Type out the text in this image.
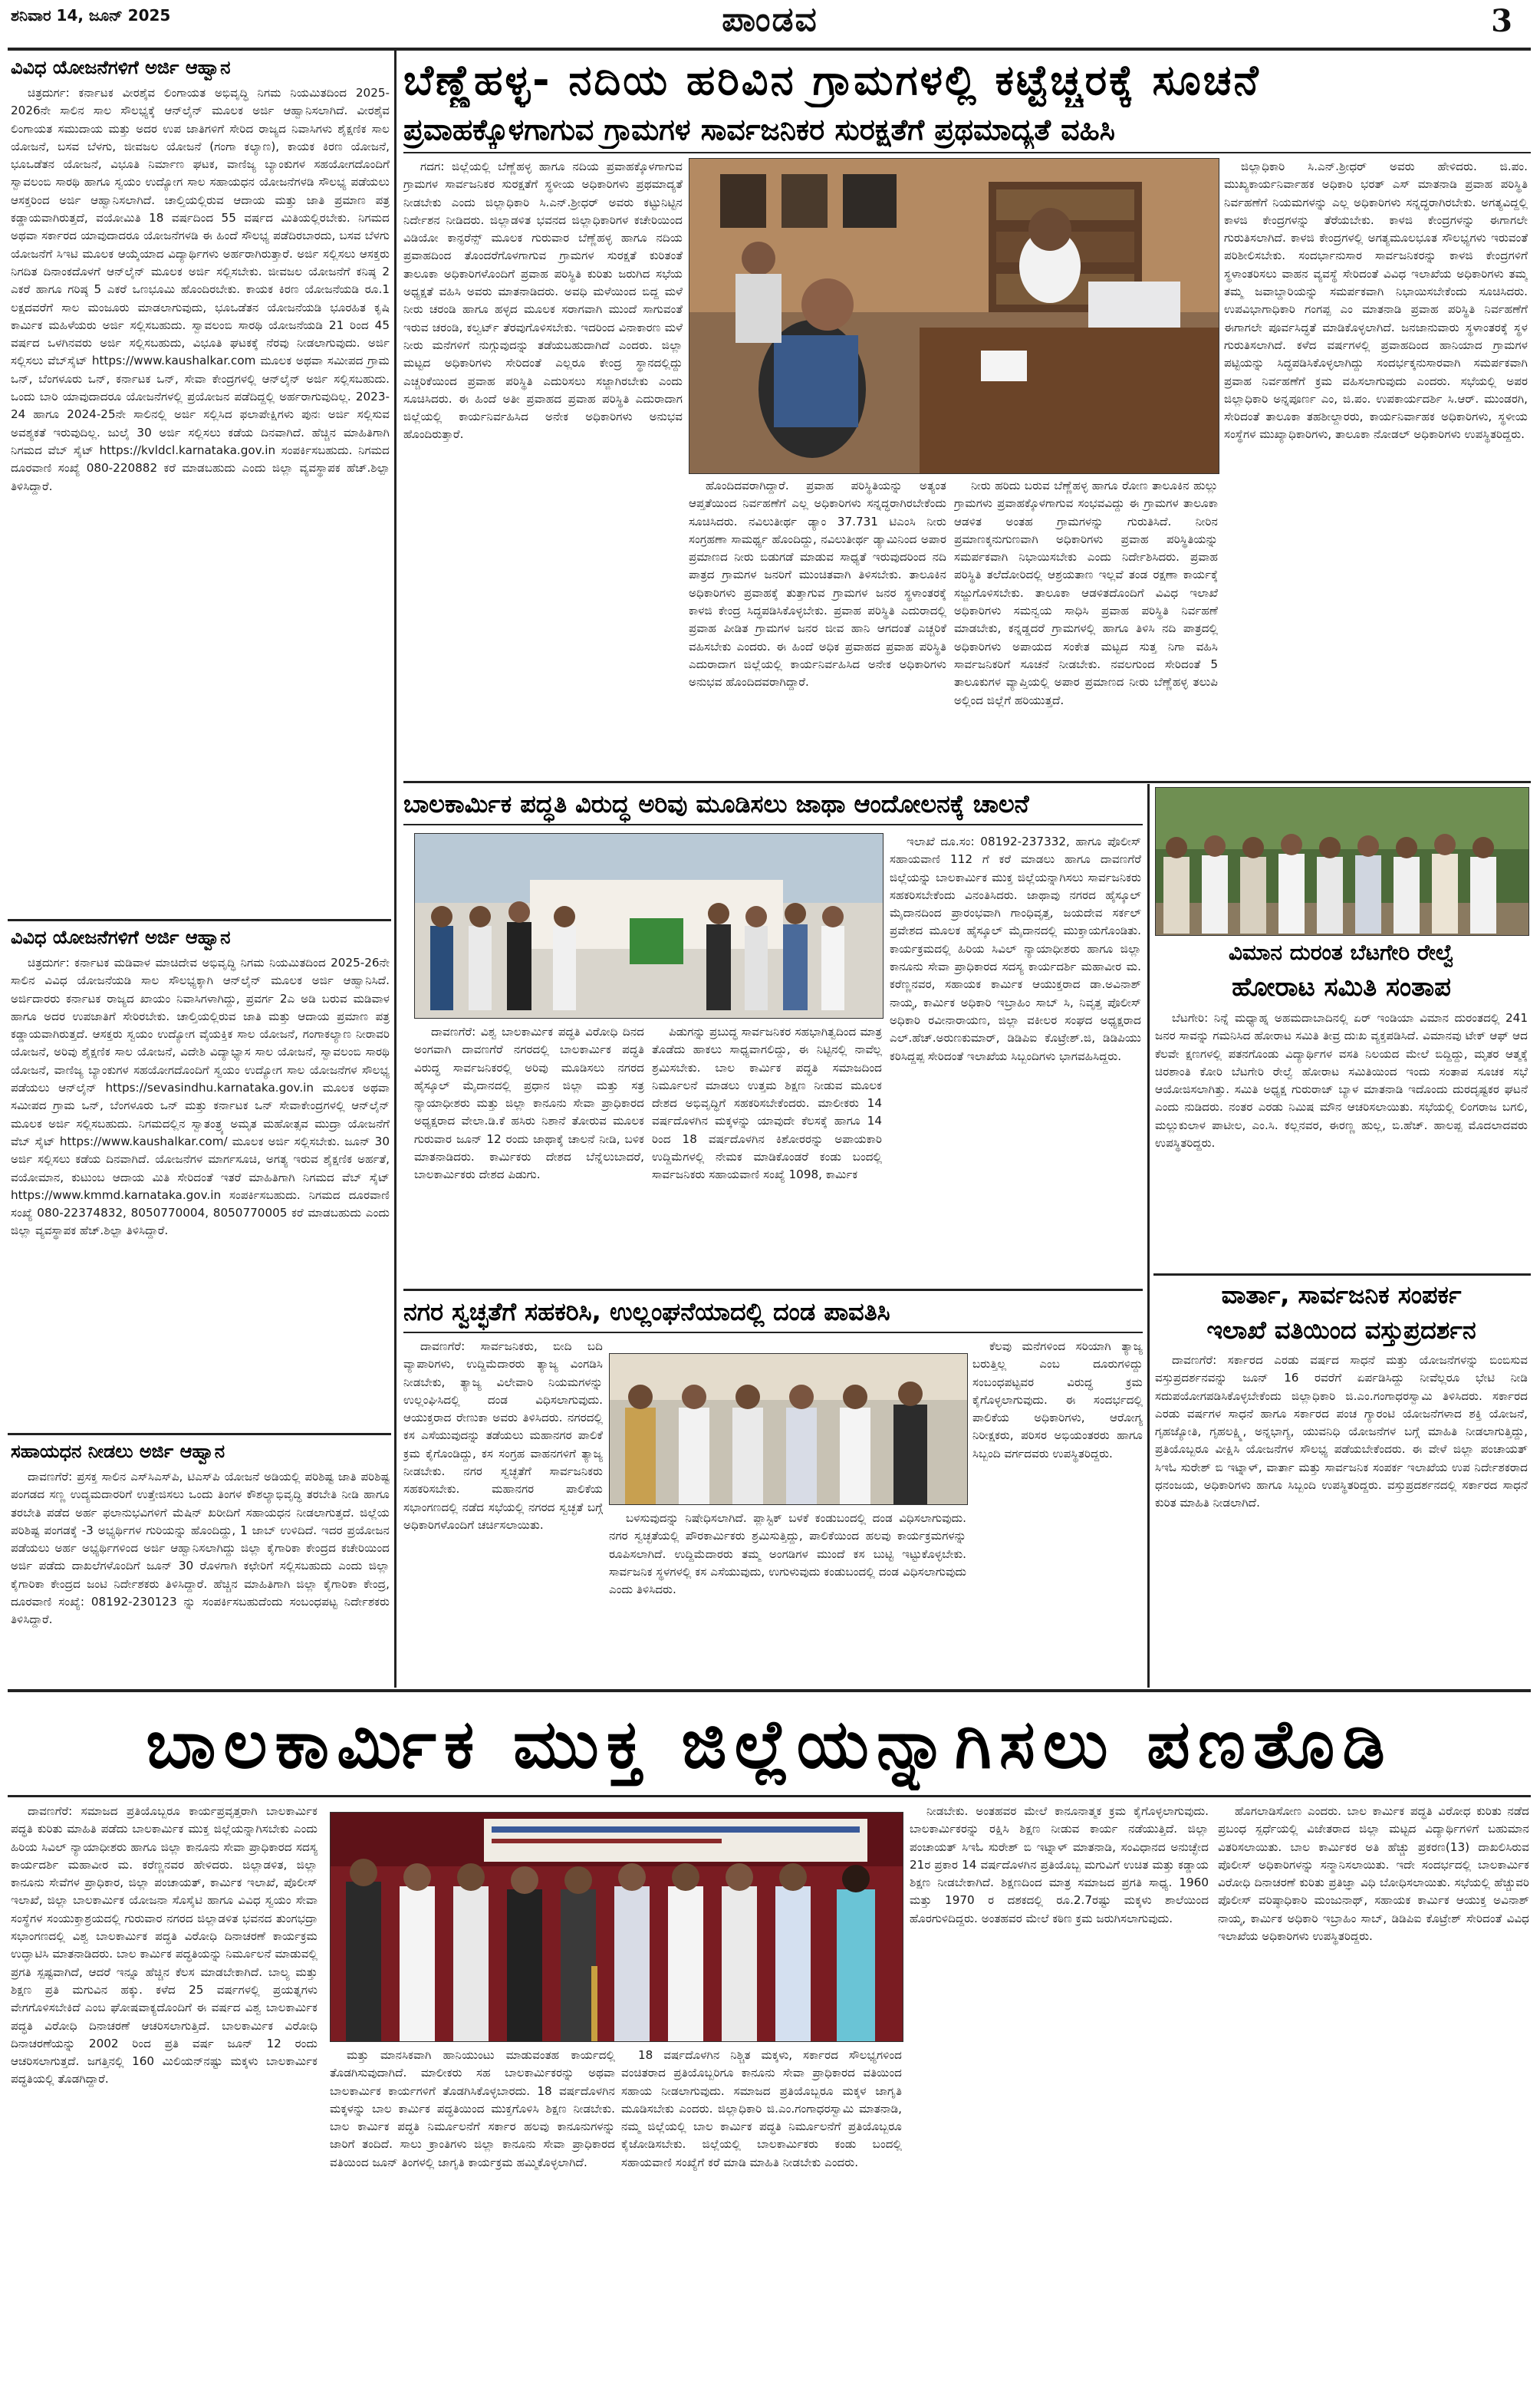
ಶನಿವಾರ 14, ಜೂನ್ 2025	ಪಾಂಡವ	3
ವಿವಿಧ ಯೋಜನೆಗಳಿಗೆ ಅರ್ಜಿ ಆಹ್ವಾನ

ಚಿತ್ರದುರ್ಗ: ಕರ್ನಾಟಕ ವೀರಶೈವ ಲಿಂಗಾಯತ ಅಭಿವೃದ್ಧಿ ನಿಗಮ ನಿಯಮಿತದಿಂದ 2025-2026ನೇ ಸಾಲಿನ ಸಾಲ ಸೌಲಭ್ಯಕ್ಕೆ ಆನ್‌ಲೈನ್ ಮೂಲಕ ಅರ್ಜಿ ಆಹ್ವಾನಿಸಲಾಗಿದೆ. ವೀರಶೈವ ಲಿಂಗಾಯತ ಸಮುದಾಯ ಮತ್ತು ಅದರ ಉಪ ಜಾತಿಗಳಿಗೆ ಸೇರಿದ ರಾಜ್ಯದ ನಿವಾಸಿಗಳು ಶೈಕ್ಷಣಿಕ ಸಾಲ ಯೋಜನೆ, ಬಸವ ಬೆಳಗು, ಜೀವಜಲ ಯೋಜನೆ (ಗಂಗಾ ಕಲ್ಯಾಣ), ಕಾಯಕ ಕಿರಣ ಯೋಜನೆ, ಭೂಒಡೆತನ ಯೋಜನೆ, ವಿಭೂತಿ ನಿರ್ಮಾಣ ಘಟಕ, ವಾಣಿಜ್ಯ ಬ್ಯಾಂಕುಗಳ ಸಹಯೋಗದೊಂದಿಗೆ ಸ್ವಾವಲಂಬಿ ಸಾರಥಿ ಹಾಗೂ ಸ್ವಯಂ ಉದ್ಯೋಗ ಸಾಲ ಸಹಾಯಧನ ಯೋಜನೆಗಳಡಿ ಸೌಲಭ್ಯ ಪಡೆಯಲು ಆಸಕ್ತರಿಂದ ಅರ್ಜಿ ಆಹ್ವಾನಿಸಲಾಗಿದೆ. ಚಾಲ್ತಿಯಲ್ಲಿರುವ ಆದಾಯ ಮತ್ತು ಜಾತಿ ಪ್ರಮಾಣ ಪತ್ರ ಕಡ್ಡಾಯವಾಗಿರುತ್ತದೆ, ವಯೋಮಿತಿ 18 ವರ್ಷದಿಂದ 55 ವರ್ಷದ ಮಿತಿಯಲ್ಲಿರಬೇಕು. ನಿಗಮದ ಅಥವಾ ಸರ್ಕಾರದ ಯಾವುದಾದರೂ ಯೋಜನೆಗಳಡಿ ಈ ಹಿಂದೆ ಸೌಲಭ್ಯ ಪಡೆದಿರಬಾರದು, ಬಸವ ಬೆಳಗು ಯೋಜನೆಗೆ ಸಿಇಟಿ ಮೂಲಕ ಆಯ್ಕೆಯಾದ ವಿದ್ಯಾರ್ಥಿಗಳು ಅರ್ಹರಾಗಿರುತ್ತಾರೆ. ಅರ್ಜಿ ಸಲ್ಲಿಸಲು ಆಸಕ್ತರು ನಿಗದಿತ ದಿನಾಂಕದೊಳಗೆ ಆನ್‌ಲೈನ್ ಮೂಲಕ ಅರ್ಜಿ ಸಲ್ಲಿಸಬೇಕು. ಜೀವಜಲ ಯೋಜನೆಗೆ ಕನಿಷ್ಠ 2 ಎಕರೆ ಹಾಗೂ ಗರಿಷ್ಠ 5 ಎಕರೆ ಒಣಭೂಮಿ ಹೊಂದಿರಬೇಕು. ಕಾಯಕ ಕಿರಣ ಯೋಜನೆಯಡಿ ರೂ.1 ಲಕ್ಷದವರೆಗೆ ಸಾಲ ಮಂಜೂರು ಮಾಡಲಾಗುವುದು, ಭೂಒಡೆತನ ಯೋಜನೆಯಡಿ ಭೂರಹಿತ ಕೃಷಿ ಕಾರ್ಮಿಕ ಮಹಿಳೆಯರು ಅರ್ಜಿ ಸಲ್ಲಿಸಬಹುದು. ಸ್ವಾವಲಂಬಿ ಸಾರಥಿ ಯೋಜನೆಯಡಿ 21 ರಿಂದ 45 ವರ್ಷದ ಒಳಗಿನವರು ಅರ್ಜಿ ಸಲ್ಲಿಸಬಹುದು, ವಿಭೂತಿ ಘಟಕಕ್ಕೆ ನೆರವು ನೀಡಲಾಗುವುದು. ಅರ್ಜಿ ಸಲ್ಲಿಸಲು ವೆಬ್‌ಸೈಟ್ https://www.kaushalkar.com ಮೂಲಕ ಅಥವಾ ಸಮೀಪದ ಗ್ರಾಮ ಒನ್, ಬೆಂಗಳೂರು ಒನ್, ಕರ್ನಾಟಕ ಒನ್, ಸೇವಾ ಕೇಂದ್ರಗಳಲ್ಲಿ ಆನ್‌ಲೈನ್ ಅರ್ಜಿ ಸಲ್ಲಿಸಬಹುದು. ಒಂದು ಬಾರಿ ಯಾವುದಾದರೂ ಯೋಜನೆಗಳಲ್ಲಿ ಪ್ರಯೋಜನ ಪಡೆದಿದ್ದಲ್ಲಿ ಅರ್ಹರಾಗುವುದಿಲ್ಲ. 2023-24 ಹಾಗೂ 2024-25ನೇ ಸಾಲಿನಲ್ಲಿ ಅರ್ಜಿ ಸಲ್ಲಿಸಿದ ಫಲಾಪೇಕ್ಷಿಗಳು ಪುನಃ ಅರ್ಜಿ ಸಲ್ಲಿಸುವ ಅವಶ್ಯಕತೆ ಇರುವುದಿಲ್ಲ. ಜುಲೈ 30 ಅರ್ಜಿ ಸಲ್ಲಿಸಲು ಕಡೆಯ ದಿನವಾಗಿದೆ. ಹೆಚ್ಚಿನ ಮಾಹಿತಿಗಾಗಿ ನಿಗಮದ ವೆಬ್ ಸೈಟ್ https://kvldcl.karnataka.gov.in ಸಂಪರ್ಕಿಸಬಹುದು. ನಿಗಮದ ದೂರವಾಣಿ ಸಂಖ್ಯೆ 080-220882 ಕರೆ ಮಾಡಬಹುದು ಎಂದು ಜಿಲ್ಲಾ ವ್ಯವಸ್ಥಾಪಕ ಹೆಚ್.ಶಿಲ್ಪಾ ತಿಳಿಸಿದ್ದಾರೆ.

ವಿವಿಧ ಯೋಜನೆಗಳಿಗೆ ಅರ್ಜಿ ಆಹ್ವಾನ

ಚಿತ್ರದುರ್ಗ: ಕರ್ನಾಟಕ ಮಡಿವಾಳ ಮಾಚಿದೇವ ಅಭಿವೃದ್ಧಿ ನಿಗಮ ನಿಯಮಿತದಿಂದ 2025-26ನೇ ಸಾಲಿನ ವಿವಿಧ ಯೋಜನೆಯಡಿ ಸಾಲ ಸೌಲಭ್ಯಕ್ಕಾಗಿ ಆನ್‌ಲೈನ್ ಮೂಲಕ ಅರ್ಜಿ ಆಹ್ವಾನಿಸಿದೆ. ಅರ್ಜಿದಾರರು ಕರ್ನಾಟಕ ರಾಜ್ಯದ ಖಾಯಂ ನಿವಾಸಿಗಳಾಗಿದ್ದು, ಪ್ರವರ್ಗ 2ಎ ಅಡಿ ಬರುವ ಮಡಿವಾಳ ಹಾಗೂ ಅದರ ಉಪಜಾತಿಗೆ ಸೇರಿರಬೇಕು. ಚಾಲ್ತಿಯಲ್ಲಿರುವ ಜಾತಿ ಮತ್ತು ಆದಾಯ ಪ್ರಮಾಣ ಪತ್ರ ಕಡ್ಡಾಯವಾಗಿರುತ್ತದೆ. ಆಸಕ್ತರು ಸ್ವಯಂ ಉದ್ಯೋಗ ವೈಯಕ್ತಿಕ ಸಾಲ ಯೋಜನೆ, ಗಂಗಾಕಲ್ಯಾಣ ನೀರಾವರಿ ಯೋಜನೆ, ಅರಿವು ಶೈಕ್ಷಣಿಕ ಸಾಲ ಯೋಜನೆ, ವಿದೇಶಿ ವಿದ್ಯಾಭ್ಯಾಸ ಸಾಲ ಯೋಜನೆ, ಸ್ವಾವಲಂಬಿ ಸಾರಥಿ ಯೋಜನೆ, ವಾಣಿಜ್ಯ ಬ್ಯಾಂಕುಗಳ ಸಹಯೋಗದೊಂದಿಗೆ ಸ್ವಯಂ ಉದ್ಯೋಗ ಸಾಲ ಯೋಜನೆಗಳ ಸೌಲಭ್ಯ ಪಡೆಯಲು ಆನ್‌ಲೈನ್ https://sevasindhu.karnataka.gov.in ಮೂಲಕ ಅಥವಾ ಸಮೀಪದ ಗ್ರಾಮ ಒನ್, ಬೆಂಗಳೂರು ಒನ್ ಮತ್ತು ಕರ್ನಾಟಕ ಒನ್ ಸೇವಾಕೇಂದ್ರಗಳಲ್ಲಿ ಆನ್‌ಲೈನ್ ಮೂಲಕ ಅರ್ಜಿ ಸಲ್ಲಿಸಬಹುದು. ನಿಗಮದಲ್ಲಿನ ಸ್ವಾತಂತ್ರ್ಯ ಅಮೃತ ಮಹೋತ್ಸವ ಮುದ್ರಾ ಯೋಜನೆಗೆ ವೆಬ್ ಸೈಟ್ https://www.kaushalkar.com/ ಮೂಲಕ ಅರ್ಜಿ ಸಲ್ಲಿಸಬೇಕು. ಜೂನ್ 30 ಅರ್ಜಿ ಸಲ್ಲಿಸಲು ಕಡೆಯ ದಿನವಾಗಿದೆ. ಯೋಜನೆಗಳ ಮಾರ್ಗಸೂಚಿ, ಅಗತ್ಯ ಇರುವ ಶೈಕ್ಷಣಿಕ ಅರ್ಹತೆ, ವಯೋಮಾನ, ಕುಟುಂಬ ಆದಾಯ ಮಿತಿ ಸೇರಿದಂತೆ ಇತರೆ ಮಾಹಿತಿಗಾಗಿ ನಿಗಮದ ವೆಬ್ ಸೈಟ್ https://www.kmmd.karnataka.gov.in ಸಂಪರ್ಕಿಸಬಹುದು. ನಿಗಮದ ದೂರವಾಣಿ ಸಂಖ್ಯೆ 080-22374832, 8050770004, 8050770005 ಕರೆ ಮಾಡಬಹುದು ಎಂದು ಜಿಲ್ಲಾ ವ್ಯವಸ್ಥಾಪಕ ಹೆಚ್.ಶಿಲ್ಪಾ ತಿಳಿಸಿದ್ದಾರೆ.

ಸಹಾಯಧನ ನೀಡಲು ಅರ್ಜಿ ಆಹ್ವಾನ

ದಾವಣಗೆರೆ: ಪ್ರಸಕ್ತ ಸಾಲಿನ ಎಸ್‌ಸಿಎಸ್‌ಪಿ, ಟಿಎಸ್‌ಪಿ ಯೋಜನೆ ಅಡಿಯಲ್ಲಿ ಪರಿಶಿಷ್ಟ ಜಾತಿ ಪರಿಶಿಷ್ಟ ಪಂಗಡದ ಸಣ್ಣ ಉದ್ಯಮದಾರರಿಗೆ ಉತ್ತೇಜಿಸಲು ಒಂದು ತಿಂಗಳ ಕೌಶಲ್ಯಾಭಿವೃದ್ಧಿ ತರಬೇತಿ ನೀಡಿ ಹಾಗೂ ತರಬೇತಿ ಪಡೆದ ಅರ್ಹ ಫಲಾನುಭವಿಗಳಿಗೆ ಮೆಷಿನ್ ಖರೀದಿಗೆ ಸಹಾಯಧನ ನೀಡಲಾಗುತ್ತದೆ. ಜಿಲ್ಲೆಯ ಪರಿಶಿಷ್ಟ ಪಂಗಡಕ್ಕೆ -3 ಅಭ್ಯರ್ಥಿಗಳ ಗುರಿಯನ್ನು ಹೊಂದಿದ್ದು, 1 ಜಾಬ್ ಉಳಿದಿದೆ. ಇದರ ಪ್ರಯೋಜನ ಪಡೆಯಲು ಅರ್ಹ ಅಭ್ಯರ್ಥಿಗಳಿಂದ ಅರ್ಜಿ ಆಹ್ವಾನಿಸಲಾಗಿದ್ದು ಜಿಲ್ಲಾ ಕೈಗಾರಿಕಾ ಕೇಂದ್ರದ ಕಚೇರಿಯಿಂದ ಅರ್ಜಿ ಪಡೆದು ದಾಖಲೆಗಳೊಂದಿಗೆ ಜೂನ್ 30 ರೊಳಗಾಗಿ ಕಛೇರಿಗೆ ಸಲ್ಲಿಸಬಹುದು ಎಂದು ಜಿಲ್ಲಾ ಕೈಗಾರಿಕಾ ಕೇಂದ್ರದ ಜಂಟಿ ನಿರ್ದೇಶಕರು ತಿಳಿಸಿದ್ದಾರೆ. ಹೆಚ್ಚಿನ ಮಾಹಿತಿಗಾಗಿ ಜಿಲ್ಲಾ ಕೈಗಾರಿಕಾ ಕೇಂದ್ರ, ದೂರವಾಣಿ ಸಂಖ್ಯೆ: 08192-230123 ನ್ನು ಸಂಪರ್ಕಿಸಬಹುದೆಂದು ಸಂಬಂಧಪಟ್ಟ ನಿರ್ದೇಶಕರು ತಿಳಿಸಿದ್ದಾರೆ.

ಬೆಣ್ಣೆಹಳ್ಳ- ನದಿಯ ಹರಿವಿನ ಗ್ರಾಮಗಳಲ್ಲಿ ಕಟ್ಟೆಚ್ಚರಕ್ಕೆ ಸೂಚನೆ
ಪ್ರವಾಹಕ್ಕೊಳಗಾಗುವ ಗ್ರಾಮಗಳ ಸಾರ್ವಜನಿಕರ ಸುರಕ್ಷತೆಗೆ ಪ್ರಥಮಾದ್ಯತೆ ವಹಿಸಿ

ಗದಗ: ಜಿಲ್ಲೆಯಲ್ಲಿ ಬೆಣ್ಣೆಹಳ್ಳ ಹಾಗೂ ನದಿಯ ಪ್ರವಾಹಕ್ಕೊಳಗಾಗುವ ಗ್ರಾಮಗಳ ಸಾರ್ವಜನಿಕರ ಸುರಕ್ಷತೆಗೆ ಸ್ಥಳೀಯ ಅಧಿಕಾರಿಗಳು ಪ್ರಥಮಾದ್ಯತೆ ನೀಡಬೇಕು ಎಂದು ಜಿಲ್ಲಾಧಿಕಾರಿ ಸಿ.ಎನ್.ಶ್ರೀಧರ್ ಅವರು ಕಟ್ಟುನಿಟ್ಟಿನ ನಿರ್ದೇಶನ ನೀಡಿದರು. ಜಿಲ್ಲಾಡಳಿತ ಭವನದ ಜಿಲ್ಲಾಧಿಕಾರಿಗಳ ಕಚೇರಿಯಿಂದ ವಿಡಿಯೋ ಕಾನ್ಫರೆನ್ಸ್ ಮೂಲಕ ಗುರುವಾರ ಬೆಣ್ಣೆಹಳ್ಳ ಹಾಗೂ ನದಿಯ ಪ್ರವಾಹದಿಂದ ತೊಂದರೆಗೊಳಗಾಗುವ ಗ್ರಾಮಗಳ ಸುರಕ್ಷತೆ ಕುರಿತಂತೆ ತಾಲೂಕಾ ಅಧಿಕಾರಿಗಳೊಂದಿಗೆ ಪ್ರವಾಹ ಪರಿಸ್ಥಿತಿ ಕುರಿತು ಜರುಗಿದ ಸಭೆಯ ಅಧ್ಯಕ್ಷತೆ ವಹಿಸಿ ಅವರು ಮಾತನಾಡಿದರು. ಅವಧಿ ಮಳೆಯಿಂದ ಬಿದ್ದ ಮಳೆ ನೀರು ಚರಂಡಿ ಹಾಗೂ ಹಳ್ಳದ ಮೂಲಕ ಸರಾಗವಾಗಿ ಮುಂದೆ ಸಾಗುವಂತೆ ಇರುವ ಚರಂಡಿ, ಕಲ್ವರ್ಟ್ ತೆರವುಗೊಳಿಸಬೇಕು. ಇದರಿಂದ ವಿನಾಕಾರಣ ಮಳೆ ನೀರು ಮನೆಗಳಿಗೆ ನುಗ್ಗುವುದನ್ನು ತಡೆಯಬಹುದಾಗಿದೆ ಎಂದರು. ಜಿಲ್ಲಾ ಮಟ್ಟದ ಅಧಿಕಾರಿಗಳು ಸೇರಿದಂತೆ ಎಲ್ಲರೂ ಕೇಂದ್ರ ಸ್ಥಾನದಲ್ಲಿದ್ದು ಎಚ್ಚರಿಕೆಯಿಂದ ಪ್ರವಾಹ ಪರಿಸ್ಥಿತಿ ಎದುರಿಸಲು ಸಜ್ಜಾಗಿರಬೇಕು ಎಂದು ಸೂಚಿಸಿದರು. ಈ ಹಿಂದೆ ಅತೀ ಪ್ರವಾಹದ ಪ್ರವಾಹ ಪರಿಸ್ಥಿತಿ ಎದುರಾದಾಗ ಜಿಲ್ಲೆಯಲ್ಲಿ ಕಾರ್ಯನಿರ್ವಹಿಸಿದ ಅನೇಕ ಅಧಿಕಾರಿಗಳು ಅನುಭವ ಹೊಂದಿರುತ್ತಾರೆ.

ಹೊಂದಿದವರಾಗಿದ್ದಾರೆ. ಪ್ರವಾಹ ಪರಿಸ್ಥಿತಿಯನ್ನು ಅತ್ಯಂತ ಆಪ್ತತೆಯಿಂದ ನಿರ್ವಹಣೆಗೆ ಎಲ್ಲ ಅಧಿಕಾರಿಗಳು ಸನ್ನದ್ಧರಾಗಿರಬೇಕೆಂದು ಸೂಚಿಸಿದರು. ನವಿಲುತೀರ್ಥ ಡ್ಯಾಂ 37.731 ಟಿಎಂಸಿ ನೀರು ಸಂಗ್ರಹಣಾ ಸಾಮರ್ಥ್ಯ ಹೊಂದಿದ್ದು, ನವಿಲುತೀರ್ಥ ಡ್ಯಾಮಿನಿಂದ ಅಪಾರ ಪ್ರಮಾಣದ ನೀರು ಬಿಡುಗಡೆ ಮಾಡುವ ಸಾಧ್ಯತೆ ಇರುವುದರಿಂದ ನದಿ ಪಾತ್ರದ ಗ್ರಾಮಗಳ ಜನರಿಗೆ ಮುಂಚಿತವಾಗಿ ತಿಳಿಸಬೇಕು. ತಾಲೂಕಿನ ಅಧಿಕಾರಿಗಳು ಪ್ರವಾಹಕ್ಕೆ ತುತ್ತಾಗುವ ಗ್ರಾಮಗಳ ಜನರ ಸ್ಥಳಾಂತರಕ್ಕೆ ಕಾಳಜಿ ಕೇಂದ್ರ ಸಿದ್ಧಪಡಿಸಿಕೊಳ್ಳಬೇಕು. ಪ್ರವಾಹ ಪರಿಸ್ಥಿತಿ ಎದುರಾದಲ್ಲಿ ಪ್ರವಾಹ ಪೀಡಿತ ಗ್ರಾಮಗಳ ಜನರ ಜೀವ ಹಾನಿ ಆಗದಂತೆ ಎಚ್ಚರಿಕೆ ವಹಿಸಬೇಕು ಎಂದರು. ಈ ಹಿಂದೆ ಅಧಿಕ ಪ್ರವಾಹದ ಪ್ರವಾಹ ಪರಿಸ್ಥಿತಿ ಎದುರಾದಾಗ ಜಿಲ್ಲೆಯಲ್ಲಿ ಕಾರ್ಯನಿರ್ವಹಿಸಿದ ಅನೇಕ ಅಧಿಕಾರಿಗಳು ಅನುಭವ ಹೊಂದಿದವರಾಗಿದ್ದಾರೆ.

ನೀರು ಹರಿದು ಬರುವ ಬೆಣ್ಣೆಹಳ್ಳ ಹಾಗೂ ರೋಣ ತಾಲೂಕಿನ ಹುಲ್ಲು ಗ್ರಾಮಗಳು ಪ್ರವಾಹಕ್ಕೊಳಗಾಗುವ ಸಂಭವವಿದ್ದು ಈ ಗ್ರಾಮಗಳ ತಾಲೂಕಾ ಆಡಳಿತ ಅಂತಹ ಗ್ರಾಮಗಳನ್ನು ಗುರುತಿಸಿದೆ. ನೀರಿನ ಪ್ರಮಾಣಕ್ಕನುಗುಣವಾಗಿ ಅಧಿಕಾರಿಗಳು ಪ್ರವಾಹ ಪರಿಸ್ಥಿತಿಯನ್ನು ಸಮರ್ಪಕವಾಗಿ ನಿಭಾಯಿಸಬೇಕು ಎಂದು ನಿರ್ದೇಶಿಸಿದರು. ಪ್ರವಾಹ ಪರಿಸ್ಥಿತಿ ತಲೆದೋರಿದಲ್ಲಿ ಆಶ್ರಯತಾಣ ಇಲ್ಲವೆ ತಂಡ ರಕ್ಷಣಾ ಕಾರ್ಯಕ್ಕೆ ಸಜ್ಜುಗೊಳಿಸಬೇಕು. ತಾಲೂಕಾ ಆಡಳಿತದೊಂದಿಗೆ ವಿವಿಧ ಇಲಾಖೆ ಅಧಿಕಾರಿಗಳು ಸಮನ್ವಯ ಸಾಧಿಸಿ ಪ್ರವಾಹ ಪರಿಸ್ಥಿತಿ ನಿರ್ವಹಣೆ ಮಾಡಬೇಕು, ಕನ್ನಡ್ಡದರೆ ಗ್ರಾಮಗಳಲ್ಲಿ ಹಾಗೂ ತಿಳಿಸಿ ನದಿ ಪಾತ್ರದಲ್ಲಿ ಅಧಿಕಾರಿಗಳು ಅಪಾಯದ ಸಂಕೇತ ಮಟ್ಟದ ಸುತ್ತ ನಿಗಾ ವಹಿಸಿ ಸಾರ್ವಜನಿಕರಿಗೆ ಸೂಚನೆ ನೀಡಬೇಕು. ನವಲಗುಂದ ಸೇರಿದಂತೆ 5 ತಾಲೂಕುಗಳ ವ್ಯಾಪ್ತಿಯಲ್ಲಿ ಅಪಾರ ಪ್ರಮಾಣದ ನೀರು ಬೆಣ್ಣೆಹಳ್ಳ ತಲುಪಿ ಅಲ್ಲಿಂದ ಜಿಲ್ಲೆಗೆ ಹರಿಯುತ್ತದೆ.

ಜಿಲ್ಲಾಧಿಕಾರಿ ಸಿ.ಎನ್.ಶ್ರೀಧರ್ ಅವರು ಹೇಳಿದರು. ಜಿ.ಪಂ. ಮುಖ್ಯಕಾರ್ಯನಿರ್ವಾಹಕ ಅಧಿಕಾರಿ ಭರತ್ ಎಸ್ ಮಾತನಾಡಿ ಪ್ರವಾಹ ಪರಿಸ್ಥಿತಿ ನಿರ್ವಹಣೆಗೆ ನಿಯಮಗಳನ್ನು ಎಲ್ಲ ಅಧಿಕಾರಿಗಳು ಸನ್ನದ್ಧರಾಗಿರಬೇಕು. ಅಗತ್ಯವಿದ್ದಲ್ಲಿ ಕಾಳಜಿ ಕೇಂದ್ರಗಳನ್ನು ತೆರೆಯಬೇಕು. ಕಾಳಜಿ ಕೇಂದ್ರಗಳನ್ನು ಈಗಾಗಲೇ ಗುರುತಿಸಲಾಗಿದೆ. ಕಾಳಜಿ ಕೇಂದ್ರಗಳಲ್ಲಿ ಅಗತ್ಯಮೂಲಭೂತ ಸೌಲಭ್ಯಗಳು ಇರುವಂತೆ ಪರಿಶೀಲಿಸಬೇಕು. ಸಂದರ್ಭಾನುಸಾರ ಸಾರ್ವಜನಿಕರನ್ನು ಕಾಳಜಿ ಕೇಂದ್ರಗಳಿಗೆ ಸ್ಥಳಾಂತರಿಸಲು ವಾಹನ ವ್ಯವಸ್ಥೆ ಸೇರಿದಂತೆ ವಿವಿಧ ಇಲಾಖೆಯ ಅಧಿಕಾರಿಗಳು ತಮ್ಮ ತಮ್ಮ ಜವಾಬ್ದಾರಿಯನ್ನು ಸಮರ್ಪಕವಾಗಿ ನಿಭಾಯಿಸಬೇಕೆಂದು ಸೂಚಿಸಿದರು. ಉಪವಿಭಾಗಾಧಿಕಾರಿ ಗಂಗಪ್ಪ ಎಂ ಮಾತನಾಡಿ ಪ್ರವಾಹ ಪರಿಸ್ಥಿತಿ ನಿರ್ವಹಣೆಗೆ ಈಗಾಗಲೇ ಪೂರ್ವಸಿದ್ಧತೆ ಮಾಡಿಕೊಳ್ಳಲಾಗಿದೆ. ಜನಜಾನುವಾರು ಸ್ಥಳಾಂತರಕ್ಕೆ ಸ್ಥಳ ಗುರುತಿಸಲಾಗಿದೆ. ಕಳೆದ ವರ್ಷಗಳಲ್ಲಿ ಪ್ರವಾಹದಿಂದ ಹಾನಿಯಾದ ಗ್ರಾಮಗಳ ಪಟ್ಟಿಯನ್ನು ಸಿದ್ಧಪಡಿಸಿಕೊಳ್ಳಲಾಗಿದ್ದು ಸಂದರ್ಭಕ್ಕನುಸಾರವಾಗಿ ಸಮರ್ಪಕವಾಗಿ ಪ್ರವಾಹ ನಿರ್ವಹಣೆಗೆ ಕ್ರಮ ವಹಿಸಲಾಗುವುದು ಎಂದರು. ಸಭೆಯಲ್ಲಿ ಅಪರ ಜಿಲ್ಲಾಧಿಕಾರಿ ಅನ್ನಪೂರ್ಣ ಎಂ, ಜಿ.ಪಂ. ಉಪಕಾರ್ಯದರ್ಶಿ ಸಿ.ಆರ್. ಮುಂಡರಗಿ, ಸೇರಿದಂತೆ ತಾಲೂಕಾ ತಹಶೀಲ್ದಾರರು, ಕಾರ್ಯನಿರ್ವಾಹಕ ಅಧಿಕಾರಿಗಳು, ಸ್ಥಳೀಯ ಸಂಸ್ಥೆಗಳ ಮುಖ್ಯಾಧಿಕಾರಿಗಳು, ತಾಲೂಕಾ ನೋಡಲ್ ಅಧಿಕಾರಿಗಳು ಉಪಸ್ಥಿತರಿದ್ದರು.

ಬಾಲಕಾರ್ಮಿಕ ಪದ್ಧತಿ ವಿರುದ್ಧ ಅರಿವು ಮೂಡಿಸಲು ಜಾಥಾ ಆಂದೋಲನಕ್ಕೆ ಚಾಲನೆ

ಇಲಾಖೆ ದೂ.ಸಂ: 08192-237332, ಹಾಗೂ ಪೊಲೀಸ್ ಸಹಾಯವಾಣಿ 112 ಗೆ ಕರೆ ಮಾಡಲು ಹಾಗೂ ದಾವಣಗೆರೆ ಜಿಲ್ಲೆಯನ್ನು ಬಾಲಕಾರ್ಮಿಕ ಮುಕ್ತ ಜಿಲ್ಲೆಯನ್ನಾಗಿಸಲು ಸಾರ್ವಜನಿಕರು ಸಹಕರಿಸಬೇಕೆಂದು ವಿನಂತಿಸಿದರು. ಜಾಥಾವು ನಗರದ ಹೈಸ್ಕೂಲ್ ಮೈದಾನದಿಂದ ಪ್ರಾರಂಭವಾಗಿ ಗಾಂಧಿವೃತ್ತ, ಜಯದೇವ ಸರ್ಕಲ್ ಪ್ರವೇಶದ ಮೂಲಕ ಹೈಸ್ಕೂಲ್ ಮೈದಾನದಲ್ಲಿ ಮುಕ್ತಾಯಗೊಂಡಿತು. ಕಾರ್ಯಕ್ರಮದಲ್ಲಿ ಹಿರಿಯ ಸಿವಿಲ್ ನ್ಯಾಯಾಧೀಶರು ಹಾಗೂ ಜಿಲ್ಲಾ ಕಾನೂನು ಸೇವಾ ಪ್ರಾಧಿಕಾರದ ಸದಸ್ಯ ಕಾರ್ಯದರ್ಶಿ ಮಹಾವೀರ ಮ. ಕರೆಣ್ಣನವರ, ಸಹಾಯಕ ಕಾರ್ಮಿಕ ಆಯುಕ್ತರಾದ ಡಾ.ಅವಿನಾಶ್ ನಾಯ್ಕ, ಕಾರ್ಮಿಕ ಅಧಿಕಾರಿ ಇಬ್ರಾಹಿಂ ಸಾಬ್ ಸಿ, ನಿವೃತ್ತ ಪೊಲೀಸ್ ಅಧಿಕಾರಿ ರವೀನಾರಾಯಣ, ಜಿಲ್ಲಾ ವಕೀಲರ ಸಂಘದ ಅಧ್ಯಕ್ಷರಾದ ಎಲ್.ಹೆಚ್.ಅರುಣಕುಮಾರ್, ಡಿಡಿಪಿಐ ಕೊಟ್ರೇಶ್.ಜಿ, ಡಿಡಿಪಿಯು ಕರಿಸಿದ್ದಪ್ಪ ಸೇರಿದಂತೆ ಇಲಾಖೆಯ ಸಿಬ್ಬಂದಿಗಳು ಭಾಗವಹಿಸಿದ್ದರು.

ದಾವಣಗೆರೆ: ವಿಶ್ವ ಬಾಲಕಾರ್ಮಿಕ ಪದ್ಧತಿ ವಿರೋಧಿ ದಿನದ ಅಂಗವಾಗಿ ದಾವಣಗೆರೆ ನಗರದಲ್ಲಿ ಬಾಲಕಾರ್ಮಿಕ ಪದ್ಧತಿ ವಿರುದ್ಧ ಸಾರ್ವಜನಿಕರಲ್ಲಿ ಅರಿವು ಮೂಡಿಸಲು ನಗರದ ಹೈಸ್ಕೂಲ್ ಮೈದಾನದಲ್ಲಿ ಪ್ರಧಾನ ಜಿಲ್ಲಾ ಮತ್ತು ಸತ್ರ ನ್ಯಾಯಾಧೀಶರು ಮತ್ತು ಜಿಲ್ಲಾ ಕಾನೂನು ಸೇವಾ ಪ್ರಾಧಿಕಾರದ ಅಧ್ಯಕ್ಷರಾದ ವೇಲಾ.ಡಿ.ಕೆ ಹಸಿರು ನಿಶಾನೆ ತೋರುವ ಮೂಲಕ ಗುರುವಾರ ಜೂನ್ 12 ರಂದು ಜಾಥಾಕ್ಕೆ ಚಾಲನೆ ನೀಡಿ, ಬಳಿಕ ಮಾತನಾಡಿದರು. ಕಾರ್ಮಿಕರು ದೇಶದ ಬೆನ್ನೆಲುಬಾದರೆ, ಬಾಲಕಾರ್ಮಿಕರು ದೇಶದ ಪಿಡುಗು.

ಪಿಡುಗನ್ನು ಪ್ರಬುದ್ಧ ಸಾರ್ವಜನಿಕರ ಸಹಭಾಗಿತ್ವದಿಂದ ಮಾತ್ರ ತೊಡೆದು ಹಾಕಲು ಸಾಧ್ಯವಾಗಲಿದ್ದು, ಈ ನಿಟ್ಟಿನಲ್ಲಿ ನಾವೆಲ್ಲ ಶ್ರಮಿಸಬೇಕು. ಬಾಲ ಕಾರ್ಮಿಕ ಪದ್ಧತಿ ಸಮಾಜದಿಂದ ನಿರ್ಮೂಲನೆ ಮಾಡಲು ಉತ್ತಮ ಶಿಕ್ಷಣ ನೀಡುವ ಮೂಲಕ ದೇಶದ ಅಭಿವೃದ್ಧಿಗೆ ಸಹಕರಿಸಬೇಕೆಂದರು. ಮಾಲೀಕರು 14 ವರ್ಷದೊಳಗಿನ ಮಕ್ಕಳನ್ನು ಯಾವುದೇ ಕೆಲಸಕ್ಕೆ ಹಾಗೂ 14 ರಿಂದ 18 ವರ್ಷದೊಳಗಿನ ಕಿಶೋರರನ್ನು ಅಪಾಯಕಾರಿ ಉದ್ದಿಮೆಗಳಲ್ಲಿ ನೇಮಕ ಮಾಡಿಕೊಂಡರೆ ಕಂಡು ಬಂದಲ್ಲಿ ಸಾರ್ವಜನಿಕರು ಸಹಾಯವಾಣಿ ಸಂಖ್ಯೆ 1098, ಕಾರ್ಮಿಕ

ವಿಮಾನ ದುರಂತ ಬೆಟಗೇರಿ ರೇಲ್ವೆ
ಹೋರಾಟ ಸಮಿತಿ ಸಂತಾಪ

ಬೆಟಗೇರಿ: ನಿನ್ನೆ ಮಧ್ಯಾಹ್ನ ಅಹಮದಾಬಾದಿನಲ್ಲಿ ಏರ್ ಇಂಡಿಯಾ ವಿಮಾನ ದುರಂತದಲ್ಲಿ 241 ಜನರ ಸಾವನ್ನು ಗಮನಿಸಿದ ಹೋರಾಟ ಸಮಿತಿ ತೀವ್ರ ದುಃಖ ವ್ಯಕ್ತಪಡಿಸಿದೆ. ವಿಮಾನವು ಟೇಕ್ ಆಫ್ ಆದ ಕೆಲವೇ ಕ್ಷಣಗಳಲ್ಲಿ ಪತನಗೊಂಡು ವಿದ್ಯಾರ್ಥಿಗಳ ವಸತಿ ನಿಲಯದ ಮೇಲೆ ಬಿದ್ದಿದ್ದು, ಮೃತರ ಆತ್ಮಕ್ಕೆ ಚಿರಶಾಂತಿ ಕೋರಿ ಬೆಟಗೇರಿ ರೇಲ್ವೆ ಹೋರಾಟ ಸಮಿತಿಯಿಂದ ಇಂದು ಸಂತಾಪ ಸೂಚಕ ಸಭೆ ಆಯೋಜಿಸಲಾಗಿತ್ತು. ಸಮಿತಿ ಅಧ್ಯಕ್ಷ ಗುರುರಾಜ್ ಬ್ಯಾಳ ಮಾತನಾಡಿ ಇದೊಂದು ದುರದೃಷ್ಟಕರ ಘಟನೆ ಎಂದು ನುಡಿದರು. ನಂತರ ಎರಡು ನಿಮಿಷ ಮೌನ ಆಚರಿಸಲಾಯಿತು. ಸಭೆಯಲ್ಲಿ ಲಿಂಗರಾಜ ಬಗಲಿ, ಮಲ್ಲುಕುಲಾಳ ಪಾಟೀಲ, ಎಂ.ಸಿ. ಕಲ್ಲನವರ, ಈರಣ್ಣ ಹುಲ್ಲ, ಬಿ.ಹೆಚ್. ಹಾಲಪ್ಪ ಮೊದಲಾದವರು ಉಪಸ್ಥಿತರಿದ್ದರು.

ವಾರ್ತಾ, ಸಾರ್ವಜನಿಕ ಸಂಪರ್ಕ
ಇಲಾಖೆ ವತಿಯಿಂದ ವಸ್ತುಪ್ರದರ್ಶನ

ದಾವಣಗೆರೆ: ಸರ್ಕಾರದ ಎರಡು ವರ್ಷದ ಸಾಧನೆ ಮತ್ತು ಯೋಜನೆಗಳನ್ನು ಬಿಂಬಿಸುವ ವಸ್ತುಪ್ರದರ್ಶನವನ್ನು ಜೂನ್ 16 ರವರೆಗೆ ಏರ್ಪಡಿಸಿದ್ದು ನೀವೆಲ್ಲರೂ ಭೇಟಿ ನೀಡಿ ಸದುಪಯೋಗಪಡಿಸಿಕೊಳ್ಳಬೇಕೆಂದು ಜಿಲ್ಲಾಧಿಕಾರಿ ಜಿ.ಎಂ.ಗಂಗಾಧರಸ್ವಾಮಿ ತಿಳಿಸಿದರು. ಸರ್ಕಾರದ ಎರಡು ವರ್ಷಗಳ ಸಾಧನೆ ಹಾಗೂ ಸರ್ಕಾರದ ಪಂಚ ಗ್ಯಾರಂಟಿ ಯೋಜನೆಗಳಾದ ಶಕ್ತಿ ಯೋಜನೆ, ಗೃಹಜ್ಯೋತಿ, ಗೃಹಲಕ್ಷ್ಮಿ, ಅನ್ನಭಾಗ್ಯ, ಯುವನಿಧಿ ಯೋಜನೆಗಳ ಬಗ್ಗೆ ಮಾಹಿತಿ ನೀಡಲಾಗುತ್ತಿದ್ದು, ಪ್ರತಿಯೊಬ್ಬರೂ ವೀಕ್ಷಿಸಿ ಯೋಜನೆಗಳ ಸೌಲಭ್ಯ ಪಡೆಯಬೇಕೆಂದರು. ಈ ವೇಳೆ ಜಿಲ್ಲಾ ಪಂಚಾಯತ್ ಸಿಇಓ ಸುರೇಶ್ ಬಿ ಇಟ್ನಾಳ್, ವಾರ್ತಾ ಮತ್ತು ಸಾರ್ವಜನಿಕ ಸಂಪರ್ಕ ಇಲಾಖೆಯ ಉಪ ನಿರ್ದೇಶಕರಾದ ಧನಂಜಯ, ಅಧಿಕಾರಿಗಳು ಹಾಗೂ ಸಿಬ್ಬಂದಿ ಉಪಸ್ಥಿತರಿದ್ದರು. ವಸ್ತುಪ್ರದರ್ಶನದಲ್ಲಿ ಸರ್ಕಾರದ ಸಾಧನೆ ಕುರಿತ ಮಾಹಿತಿ ನೀಡಲಾಗಿದೆ.

ನಗರ ಸ್ವಚ್ಛತೆಗೆ ಸಹಕರಿಸಿ, ಉಲ್ಲಂಘನೆಯಾದಲ್ಲಿ ದಂಡ ಪಾವತಿಸಿ

ದಾವಣಗೆರೆ: ಸಾರ್ವಜನಿಕರು, ಬೀದಿ ಬದಿ ವ್ಯಾಪಾರಿಗಳು, ಉದ್ದಿಮೆದಾರರು ತ್ಯಾಜ್ಯ ವಿಂಗಡಿಸಿ ನೀಡಬೇಕು, ತ್ಯಾಜ್ಯ ವಿಲೇವಾರಿ ನಿಯಮಗಳನ್ನು ಉಲ್ಲಂಘಿಸಿದಲ್ಲಿ ದಂಡ ವಿಧಿಸಲಾಗುವುದು. ಆಯುಕ್ತರಾದ ರೇಣುಕಾ ಅವರು ತಿಳಿಸಿದರು. ನಗರದಲ್ಲಿ ಕಸ ಎಸೆಯುವುದನ್ನು ತಡೆಯಲು ಮಹಾನಗರ ಪಾಲಿಕೆ ಕ್ರಮ ಕೈಗೊಂಡಿದ್ದು, ಕಸ ಸಂಗ್ರಹ ವಾಹನಗಳಿಗೆ ತ್ಯಾಜ್ಯ ನೀಡಬೇಕು. ನಗರ ಸ್ವಚ್ಛತೆಗೆ ಸಾರ್ವಜನಿಕರು ಸಹಕರಿಸಬೇಕು. ಮಹಾನಗರ ಪಾಲಿಕೆಯ ಸಭಾಂಗಣದಲ್ಲಿ ನಡೆದ ಸಭೆಯಲ್ಲಿ ನಗರದ ಸ್ವಚ್ಛತೆ ಬಗ್ಗೆ ಅಧಿಕಾರಿಗಳೊಂದಿಗೆ ಚರ್ಚಿಸಲಾಯಿತು.	ಬಳಸುವುದನ್ನು ನಿಷೇಧಿಸಲಾಗಿದೆ. ಪ್ಲಾಸ್ಟಿಕ್ ಬಳಕೆ ಕಂಡುಬಂದಲ್ಲಿ ದಂಡ ವಿಧಿಸಲಾಗುವುದು. ನಗರ ಸ್ವಚ್ಛತೆಯಲ್ಲಿ ಪೌರಕಾರ್ಮಿಕರು ಶ್ರಮಿಸುತ್ತಿದ್ದು, ಪಾಲಿಕೆಯಿಂದ ಹಲವು ಕಾರ್ಯಕ್ರಮಗಳನ್ನು ರೂಪಿಸಲಾಗಿದೆ. ಉದ್ದಿಮೆದಾರರು ತಮ್ಮ ಅಂಗಡಿಗಳ ಮುಂದೆ ಕಸ ಬುಟ್ಟಿ ಇಟ್ಟುಕೊಳ್ಳಬೇಕು. ಸಾರ್ವಜನಿಕ ಸ್ಥಳಗಳಲ್ಲಿ ಕಸ ಎಸೆಯುವುದು, ಉಗುಳುವುದು ಕಂಡುಬಂದಲ್ಲಿ ದಂಡ ವಿಧಿಸಲಾಗುವುದು ಎಂದು ತಿಳಿಸಿದರು.

ಕೆಲವು ಮನೆಗಳಿಂದ ಸರಿಯಾಗಿ ತ್ಯಾಜ್ಯ ಬರುತ್ತಿಲ್ಲ ಎಂಬ ದೂರುಗಳಿದ್ದು ಸಂಬಂಧಪಟ್ಟವರ ವಿರುದ್ಧ ಕ್ರಮ ಕೈಗೊಳ್ಳಲಾಗುವುದು. ಈ ಸಂದರ್ಭದಲ್ಲಿ ಪಾಲಿಕೆಯ ಅಧಿಕಾರಿಗಳು, ಆರೋಗ್ಯ ನಿರೀಕ್ಷಕರು, ಪರಿಸರ ಅಭಿಯಂತರರು ಹಾಗೂ ಸಿಬ್ಬಂದಿ ವರ್ಗದವರು ಉಪಸ್ಥಿತರಿದ್ದರು.

ಬಾಲಕಾರ್ಮಿಕ ಮುಕ್ತ ಜಿಲ್ಲೆಯನ್ನಾಗಿಸಲು ಪಣತೊಡಿ

ದಾವಣಗೆರೆ: ಸಮಾಜದ ಪ್ರತಿಯೊಬ್ಬರೂ ಕಾರ್ಯಪ್ರವೃತ್ತರಾಗಿ ಬಾಲಕಾರ್ಮಿಕ ಪದ್ಧತಿ ಕುರಿತು ಮಾಹಿತಿ ಪಡೆದು ಬಾಲಕಾರ್ಮಿಕ ಮುಕ್ತ ಜಿಲ್ಲೆಯನ್ನಾಗಿಸಬೇಕು ಎಂದು ಹಿರಿಯ ಸಿವಿಲ್ ನ್ಯಾಯಾಧೀಶರು ಹಾಗೂ ಜಿಲ್ಲಾ ಕಾನೂನು ಸೇವಾ ಪ್ರಾಧಿಕಾರದ ಸದಸ್ಯ ಕಾರ್ಯದರ್ಶಿ ಮಹಾವೀರ ಮ. ಕರೆಣ್ಣನವರ ಹೇಳಿದರು. ಜಿಲ್ಲಾಡಳಿತ, ಜಿಲ್ಲಾ ಕಾನೂನು ಸೇವೆಗಳ ಪ್ರಾಧಿಕಾರ, ಜಿಲ್ಲಾ ಪಂಚಾಯತ್, ಕಾರ್ಮಿಕ ಇಲಾಖೆ, ಪೊಲೀಸ್ ಇಲಾಖೆ, ಜಿಲ್ಲಾ ಬಾಲಕಾರ್ಮಿಕ ಯೋಜನಾ ಸೊಸೈಟಿ ಹಾಗೂ ವಿವಿಧ ಸ್ವಯಂ ಸೇವಾ ಸಂಸ್ಥೆಗಳ ಸಂಯುಕ್ತಾಶ್ರಯದಲ್ಲಿ ಗುರುವಾರ ನಗರದ ಜಿಲ್ಲಾಡಳಿತ ಭವನದ ತುಂಗಭದ್ರಾ ಸಭಾಂಗಣದಲ್ಲಿ ವಿಶ್ವ ಬಾಲಕಾರ್ಮಿಕ ಪದ್ಧತಿ ವಿರೋಧಿ ದಿನಾಚರಣೆ ಕಾರ್ಯಕ್ರಮ ಉದ್ಘಾಟಿಸಿ ಮಾತನಾಡಿದರು. ಬಾಲ ಕಾರ್ಮಿಕ ಪದ್ಧತಿಯನ್ನು ನಿರ್ಮೂಲನೆ ಮಾಡುವಲ್ಲಿ ಪ್ರಗತಿ ಸ್ಪಷ್ಟವಾಗಿದೆ, ಆದರೆ ಇನ್ನೂ ಹೆಚ್ಚಿನ ಕೆಲಸ ಮಾಡಬೇಕಾಗಿದೆ. ಬಾಲ್ಯ ಮತ್ತು ಶಿಕ್ಷಣ ಪ್ರತಿ ಮಗುವಿನ ಹಕ್ಕು. ಕಳೆದ 25 ವರ್ಷಗಳಲ್ಲಿ ಪ್ರಯತ್ನಗಳು ವೇಗಗೊಳಿಸಬೇಕಿದೆ ಎಂಬ ಘೋಷವಾಕ್ಯದೊಂದಿಗೆ ಈ ವರ್ಷದ ವಿಶ್ವ ಬಾಲಕಾರ್ಮಿಕ ಪದ್ಧತಿ ವಿರೋಧಿ ದಿನಾಚರಣೆ ಆಚರಿಸಲಾಗುತ್ತಿದೆ. ಬಾಲಕಾರ್ಮಿಕ ವಿರೋಧಿ ದಿನಾಚರಣೆಯನ್ನು 2002 ರಿಂದ ಪ್ರತಿ ವರ್ಷ ಜೂನ್ 12 ರಂದು ಆಚರಿಸಲಾಗುತ್ತದೆ. ಜಗತ್ತಿನಲ್ಲಿ 160 ಮಿಲಿಯನ್‌ನಷ್ಟು ಮಕ್ಕಳು ಬಾಲಕಾರ್ಮಿಕ ಪದ್ಧತಿಯಲ್ಲಿ ತೊಡಗಿದ್ದಾರೆ.

ಮತ್ತು ಮಾನಸಿಕವಾಗಿ ಹಾನಿಯುಂಟು ಮಾಡುವಂತಹ ಕಾರ್ಯದಲ್ಲಿ ತೊಡಗಿಸುವುದಾಗಿದೆ. ಮಾಲೀಕರು ಸಹ ಬಾಲಕಾರ್ಮಿಕರನ್ನು ಅಥವಾ ಬಾಲಕಾರ್ಮಿಕ ಕಾರ್ಯಗಳಿಗೆ ತೊಡಗಿಸಿಕೊಳ್ಳಬಾರದು. 18 ವರ್ಷದೊಳಗಿನ ಮಕ್ಕಳನ್ನು ಬಾಲ ಕಾರ್ಮಿಕ ಪದ್ಧತಿಯಿಂದ ಮುಕ್ತಗೊಳಿಸಿ ಶಿಕ್ಷಣ ನೀಡಬೇಕು. ಬಾಲ ಕಾರ್ಮಿಕ ಪದ್ಧತಿ ನಿರ್ಮೂಲನೆಗೆ ಸರ್ಕಾರ ಹಲವು ಕಾನೂನುಗಳನ್ನು ಜಾರಿಗೆ ತಂದಿದೆ. ಸಾಲು ಕ್ರಾಂತಿಗಳು ಜಿಲ್ಲಾ ಕಾನೂನು ಸೇವಾ ಪ್ರಾಧಿಕಾರದ ವತಿಯಿಂದ ಜೂನ್ ತಿಂಗಳಲ್ಲಿ ಜಾಗೃತಿ ಕಾರ್ಯಕ್ರಮ ಹಮ್ಮಿಕೊಳ್ಳಲಾಗಿದೆ.

18 ವರ್ಷದೊಳಗಿನ ನಿಶ್ಚಿತ ಮಕ್ಕಳು, ಸರ್ಕಾರದ ಸೌಲಭ್ಯಗಳಿಂದ ವಂಚಿತರಾದ ಪ್ರತಿಯೊಬ್ಬರಿಗೂ ಕಾನೂನು ಸೇವಾ ಪ್ರಾಧಿಕಾರದ ವತಿಯಿಂದ ಸಹಾಯ ನೀಡಲಾಗುವುದು. ಸಮಾಜದ ಪ್ರತಿಯೊಬ್ಬರೂ ಮಕ್ಕಳ ಜಾಗೃತಿ ಮೂಡಿಸಬೇಕು ಎಂದರು. ಜಿಲ್ಲಾಧಿಕಾರಿ ಜಿ.ಎಂ.ಗಂಗಾಧರಸ್ವಾಮಿ ಮಾತನಾಡಿ, ನಮ್ಮ ಜಿಲ್ಲೆಯಲ್ಲಿ ಬಾಲ ಕಾರ್ಮಿಕ ಪದ್ಧತಿ ನಿರ್ಮೂಲನೆಗೆ ಪ್ರತಿಯೊಬ್ಬರೂ ಕೈಜೋಡಿಸಬೇಕು. ಜಿಲ್ಲೆಯಲ್ಲಿ ಬಾಲಕಾರ್ಮಿಕರು ಕಂಡು ಬಂದಲ್ಲಿ ಸಹಾಯವಾಣಿ ಸಂಖ್ಯೆಗೆ ಕರೆ ಮಾಡಿ ಮಾಹಿತಿ ನೀಡಬೇಕು ಎಂದರು.

ನೀಡಬೇಕು. ಅಂತಹವರ ಮೇಲೆ ಕಾನೂನಾತ್ಮಕ ಕ್ರಮ ಕೈಗೊಳ್ಳಲಾಗುವುದು. ಬಾಲಕಾರ್ಮಿಕರನ್ನು ರಕ್ಷಿಸಿ ಶಿಕ್ಷಣ ನೀಡುವ ಕಾರ್ಯ ನಡೆಯುತ್ತಿದೆ. ಜಿಲ್ಲಾ ಪಂಚಾಯತ್ ಸಿಇಓ ಸುರೇಶ್ ಬಿ ಇಟ್ನಾಳ್ ಮಾತನಾಡಿ, ಸಂವಿಧಾನದ ಅನುಚ್ಛೇದ 21ರ ಪ್ರಕಾರ 14 ವರ್ಷದೊಳಗಿನ ಪ್ರತಿಯೊಬ್ಬ ಮಗುವಿಗೆ ಉಚಿತ ಮತ್ತು ಕಡ್ಡಾಯ ಶಿಕ್ಷಣ ನೀಡಬೇಕಾಗಿದೆ. ಶಿಕ್ಷಣದಿಂದ ಮಾತ್ರ ಸಮಾಜದ ಪ್ರಗತಿ ಸಾಧ್ಯ. 1960 ಮತ್ತು 1970 ರ ದಶಕದಲ್ಲಿ ರೂ.2.7ರಷ್ಟು ಮಕ್ಕಳು ಶಾಲೆಯಿಂದ ಹೊರಗುಳಿದಿದ್ದರು. ಅಂತಹವರ ಮೇಲೆ ಕಠಿಣ ಕ್ರಮ ಜರುಗಿಸಲಾಗುವುದು.

ಹೊಗಲಾಡಿಸೋಣ ಎಂದರು. ಬಾಲ ಕಾರ್ಮಿಕ ಪದ್ಧತಿ ವಿರೋಧ ಕುರಿತು ನಡೆದ ಪ್ರಬಂಧ ಸ್ಪರ್ಧೆಯಲ್ಲಿ ವಿಜೇತರಾದ ಜಿಲ್ಲಾ ಮಟ್ಟದ ವಿದ್ಯಾರ್ಥಿಗಳಿಗೆ ಬಹುಮಾನ ವಿತರಿಸಲಾಯಿತು. ಬಾಲ ಕಾರ್ಮಿಕರ ಅತಿ ಹೆಚ್ಚು ಪ್ರಕರಣ(13) ದಾಖಲಿಸಿರುವ ಪೊಲೀಸ್ ಅಧಿಕಾರಿಗಳನ್ನು ಸನ್ಮಾನಿಸಲಾಯಿತು. ಇದೇ ಸಂದರ್ಭದಲ್ಲಿ ಬಾಲಕಾರ್ಮಿಕ ವಿರೋಧಿ ದಿನಾಚರಣೆ ಕುರಿತು ಪ್ರತಿಜ್ಞಾ ವಿಧಿ ಬೋಧಿಸಲಾಯಿತು. ಸಭೆಯಲ್ಲಿ ಹೆಚ್ಚುವರಿ ಪೊಲೀಸ್ ವರಿಷ್ಠಾಧಿಕಾರಿ ಮಂಜುನಾಥ್, ಸಹಾಯಕ ಕಾರ್ಮಿಕ ಆಯುಕ್ತ ಅವಿನಾಶ್ ನಾಯ್ಕ, ಕಾರ್ಮಿಕ ಅಧಿಕಾರಿ ಇಬ್ರಾಹಿಂ ಸಾಬ್, ಡಿಡಿಪಿಐ ಕೊಟ್ರೇಶ್ ಸೇರಿದಂತೆ ವಿವಿಧ ಇಲಾಖೆಯ ಅಧಿಕಾರಿಗಳು ಉಪಸ್ಥಿತರಿದ್ದರು.
